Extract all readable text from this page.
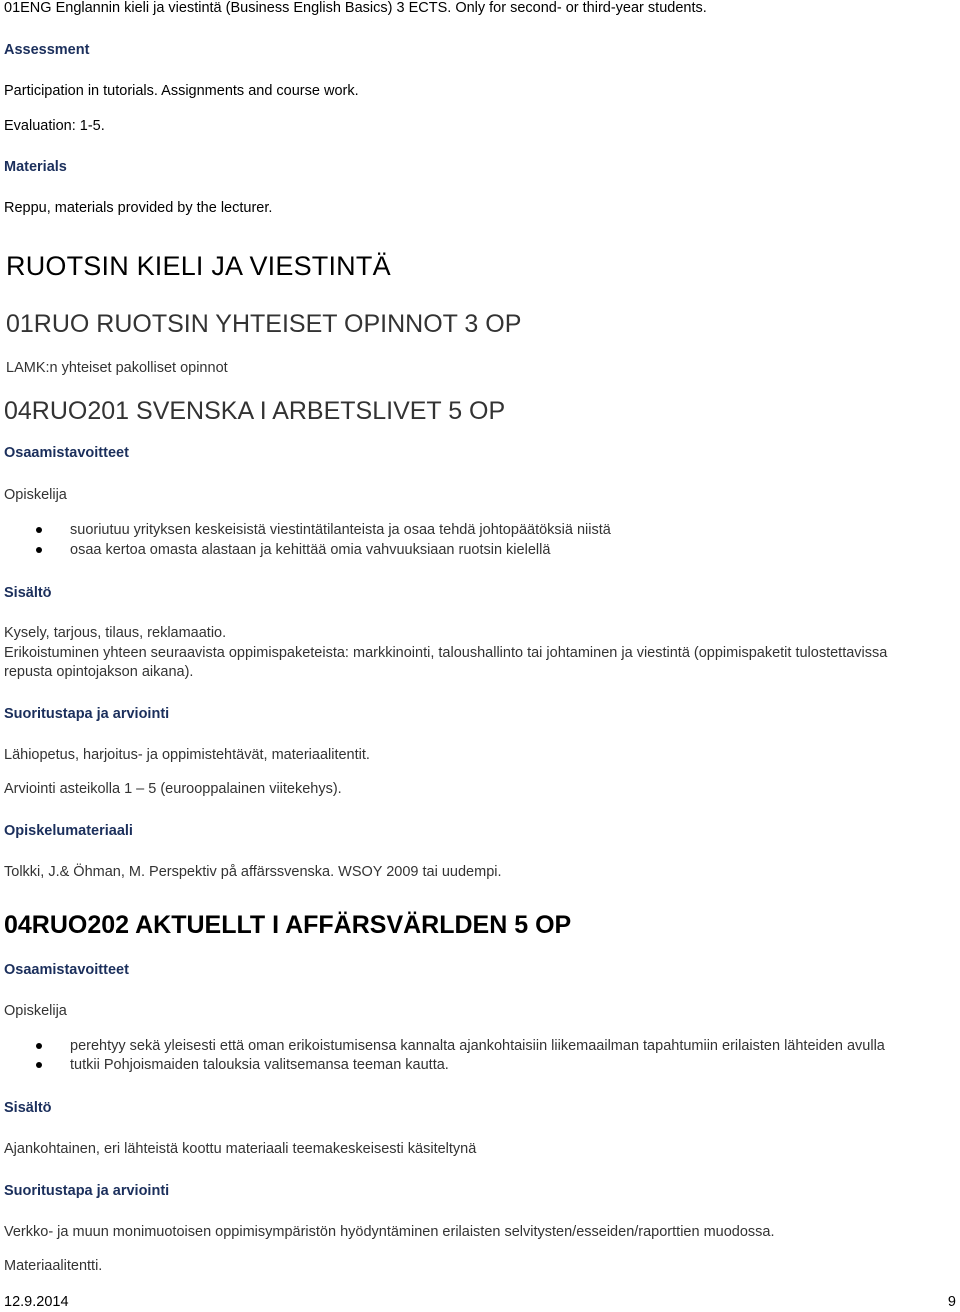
01ENG Englannin kieli ja viestintä (Business English Basics) 3 ECTS. Only for second- or third-year students.
Assessment
Participation in tutorials. Assignments and course work.
Evaluation: 1-5.
Materials
Reppu, materials provided by the lecturer.
RUOTSIN KIELI JA VIESTINTÄ
01RUO RUOTSIN YHTEISET OPINNOT 3 OP
LAMK:n yhteiset pakolliset opinnot
04RUO201 SVENSKA I ARBETSLIVET 5 OP
Osaamistavoitteet
Opiskelija
suoriutuu yrityksen keskeisistä viestintätilanteista ja osaa tehdä johtopäätöksiä niistä
osaa kertoa omasta alastaan ja kehittää omia vahvuuksiaan ruotsin kielellä
Sisältö
Kysely, tarjous, tilaus, reklamaatio.
Erikoistuminen yhteen seuraavista oppimispaketeista: markkinointi, taloushallinto tai johtaminen ja viestintä (oppimispaketit tulostettavissa
repusta opintojakson aikana).
Suoritustapa ja arviointi
Lähiopetus, harjoitus- ja oppimistehtävät, materiaalitentit.
Arviointi asteikolla 1 – 5 (eurooppalainen viitekehys).
Opiskelumateriaali
Tolkki, J.& Öhman, M. Perspektiv på affärssvenska. WSOY 2009 tai uudempi.
04RUO202 AKTUELLT I AFFÄRSVÄRLDEN 5 OP
Osaamistavoitteet
Opiskelija
perehtyy sekä yleisesti että oman erikoistumisensa kannalta ajankohtaisiin liikemaailman tapahtumiin erilaisten lähteiden avulla
tutkii Pohjoismaiden talouksia valitsemansa teeman kautta.
Sisältö
Ajankohtainen, eri lähteistä koottu materiaali teemakeskeisesti käsiteltynä
Suoritustapa ja arviointi
Verkko- ja muun monimuotoisen oppimisympäristön hyödyntäminen erilaisten selvitysten/esseiden/raporttien muodossa.
Materiaalitentti.
12.9.2014	9
